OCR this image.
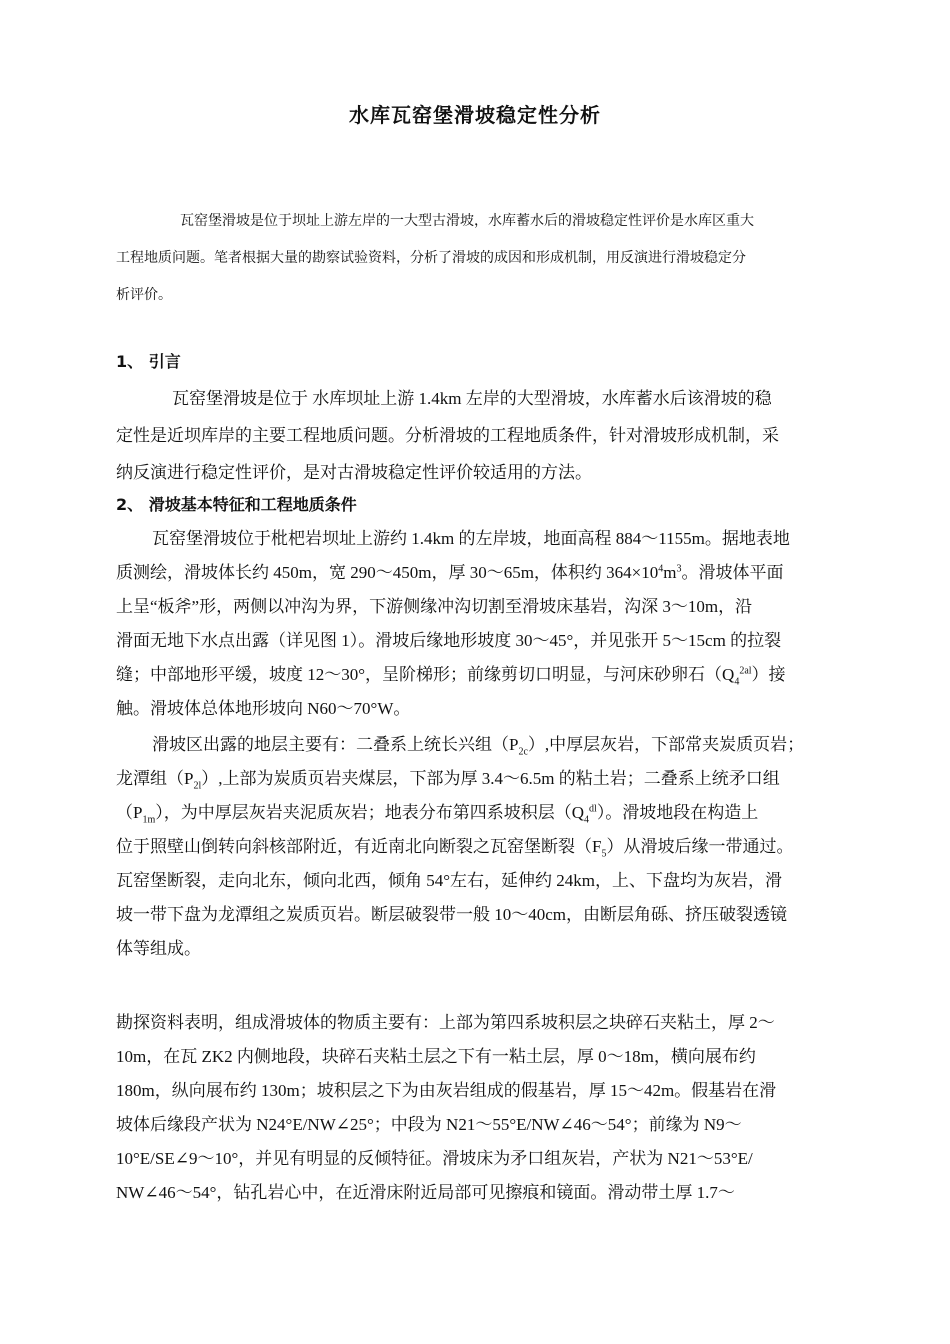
水库瓦窑堡滑坡稳定性分析
瓦窑堡滑坡是位于坝址上游左岸的一大型古滑坡，水库蓄水后的滑坡稳定性评价是水库区重大
工程地质问题。笔者根据大量的勘察试验资料，分析了滑坡的成因和形成机制，用反演进行滑坡稳定分
析评价。
1、 引言
瓦窑堡滑坡是位于 水库坝址上游 1.4km 左岸的大型滑坡，水库蓄水后该滑坡的稳
定性是近坝库岸的主要工程地质问题。分析滑坡的工程地质条件，针对滑坡形成机制，采
纳反演进行稳定性评价，是对古滑坡稳定性评价较适用的方法。
2、 滑坡基本特征和工程地质条件
瓦窑堡滑坡位于枇杷岩坝址上游约 1.4km 的左岸坡，地面高程 884～1155m。据地表地
质测绘，滑坡体长约 450m，宽 290～450m，厚 30～65m，体积约 $364\times 10^4m^3$。滑坡体平面
上呈“板斧”形，两侧以冲沟为界，下游侧缘冲沟切割至滑坡床基岩，沟深 3～10m，沿
滑面无地下水点出露（详见图 1）。滑坡后缘地形坡度 30～45°，并见张开 5～15cm 的拉裂
缝；中部地形平缓，坡度 12～30°，呈阶梯形；前缘剪切口明显，与河床砂卵石$(Q_4^{2al})$接
触。滑坡体总体地形坡向 N60～70°W。
滑坡区出露的地层主要有：二叠系上统长兴组$(P_{2c})$,中厚层灰岩，下部常夹炭质页岩；
龙潭组$(P_{2l})$,上部为炭质页岩夹煤层，下部为厚 3.4～6.5m 的粘土岩；二叠系上统矛口组
$(P_{1m})$，为中厚层灰岩夹泥质灰岩；地表分布第四系坡积层$(Q_4^{dl})$。滑坡地段在构造上
位于照壁山倒转向斜核部附近，有近南北向断裂之瓦窑堡断裂$(F_5)$从滑坡后缘一带通过。
瓦窑堡断裂，走向北东，倾向北西，倾角 54°左右，延伸约 24km，上、下盘均为灰岩，滑
坡一带下盘为龙潭组之炭质页岩。断层破裂带一般 10～40cm，由断层角砾、挤压破裂透镜
体等组成。
勘探资料表明，组成滑坡体的物质主要有：上部为第四系坡积层之块碎石夹粘土，厚 2～
10m，在瓦 ZK2 内侧地段，块碎石夹粘土层之下有一粘土层，厚 0～18m，横向展布约
180m，纵向展布约 130m；坡积层之下为由灰岩组成的假基岩，厚 15～42m。假基岩在滑
坡体后缘段产状为 N24°E/NW∠25°；中段为 N21～55°E/NW∠46～54°；前缘为 N9～
10°E/SE∠9～10°，并见有明显的反倾特征。滑坡床为矛口组灰岩，产状为 N21～53°E/
NW∠46～54°，钻孔岩心中，在近滑床附近局部可见擦痕和镜面。滑动带土厚 1.7～
